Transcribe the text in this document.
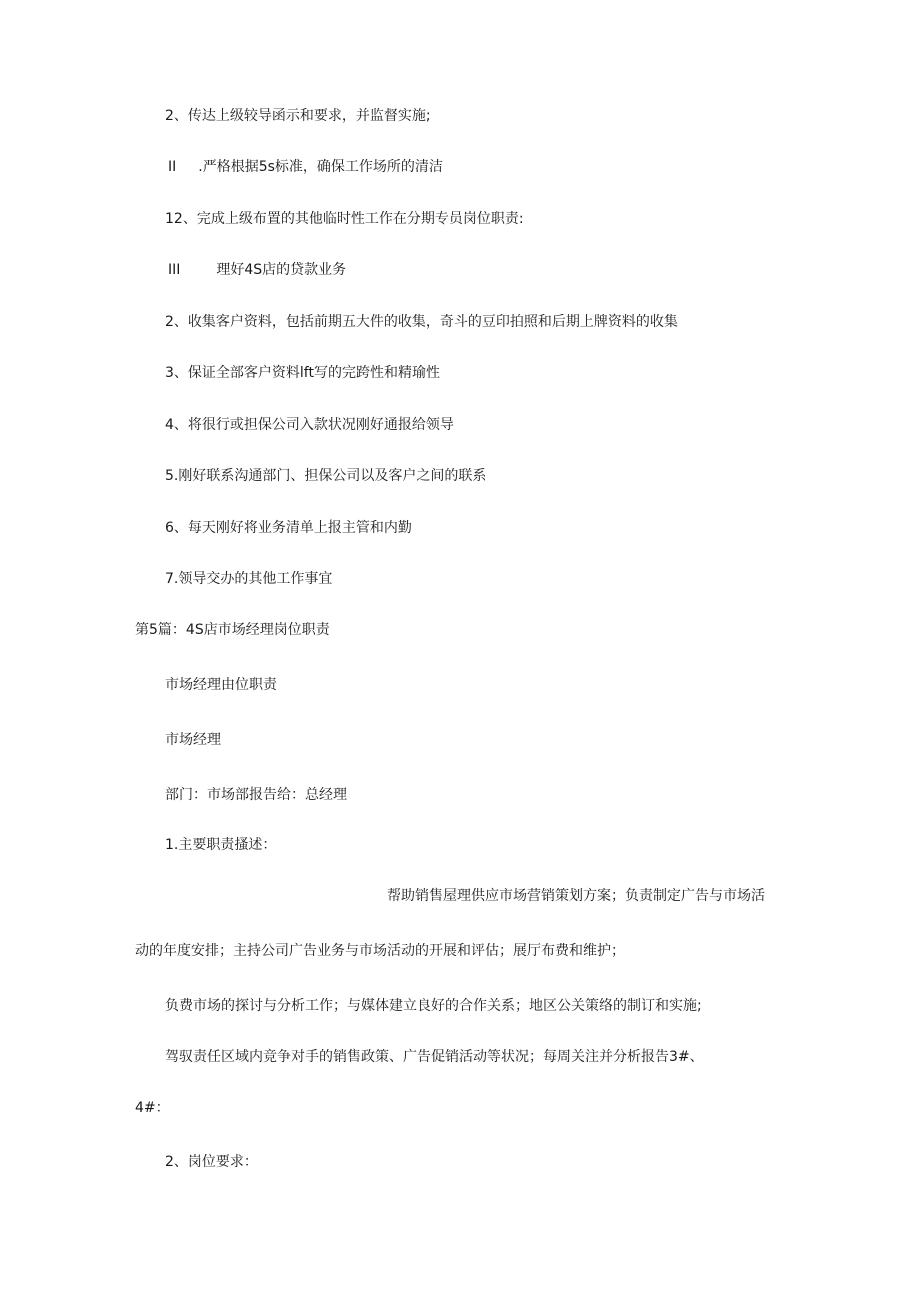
2、传达上级较导函示和要求，并监督实施;
II .严格根据5s标准，确保工作场所的清洁
12、完成上级布置的其他临时性工作在分期专员岗位职责:
III	理好4S店的贷款业务
2、收集客户资料，包括前期五大件的收集，奇斗的豆印拍照和后期上牌资料的收集
3、保证全部客户资料lft写的完跨性和精瑜性
4、将很行或担保公司入款状况刚好通报给领导
5.刚好联系沟通部门、担保公司以及客户之间的联系
6、每天刚好将业务清单上报主管和内勤
7.领导交办的其他工作事宜
第5篇：4S店市场经理岗位职责
市场经理由位职责
市场经理
部门：市场部报告给：总经理
1.主要职责搔述：
帮助销售屋理供应市场营销策划方案；负责制定广告与市场活
动的年度安排；主持公司广告业务与市场活动的开展和评估；展厅布费和维护；
负费市场的探讨与分析工作；与媒体建立良好的合作关系；地区公关策络的制订和实施;
驾驭责任区域内竞争对手的销售政策、广告促销活动等状况；每周关注并分析报告3#、
4#：
2、岗位要求：
